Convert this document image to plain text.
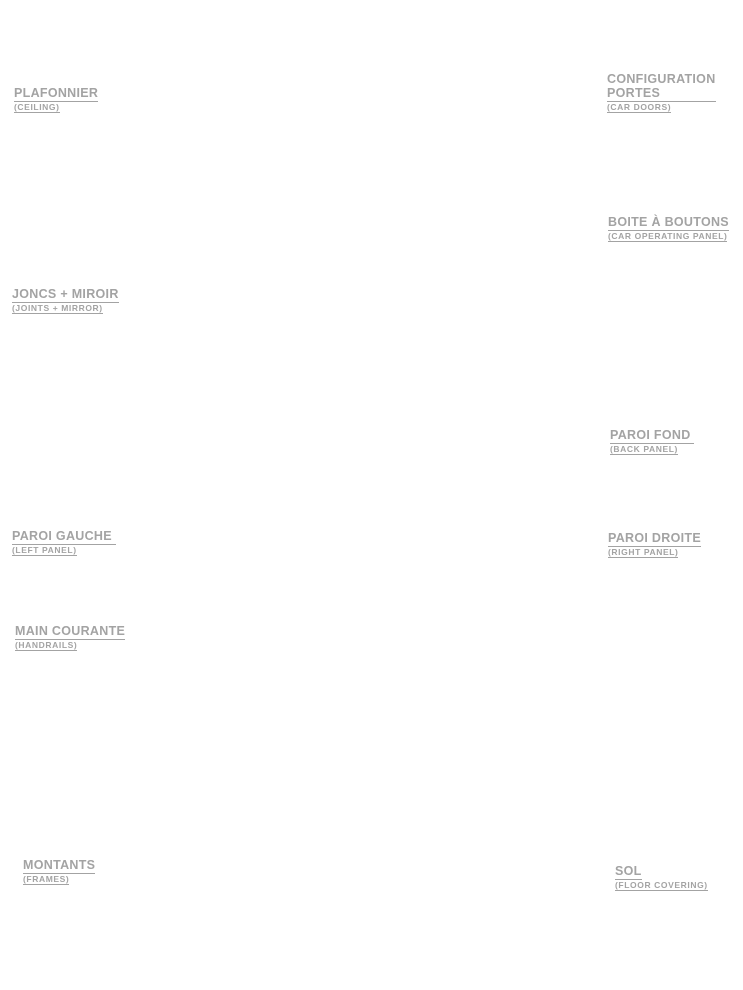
PLAFONNIER
(CEILING)
CONFIGURATION
PORTES
(CAR DOORS)
BOITE À BOUTONS
(CAR OPERATING PANEL)
JONCS + MIROIR
(JOINTS + MIRROR)
PAROI FOND
(BACK PANEL)
PAROI GAUCHE
(LEFT PANEL)
PAROI DROITE
(RIGHT PANEL)
MAIN COURANTE
(HANDRAILS)
MONTANTS
(FRAMES)
SOL
(FLOOR COVERING)
